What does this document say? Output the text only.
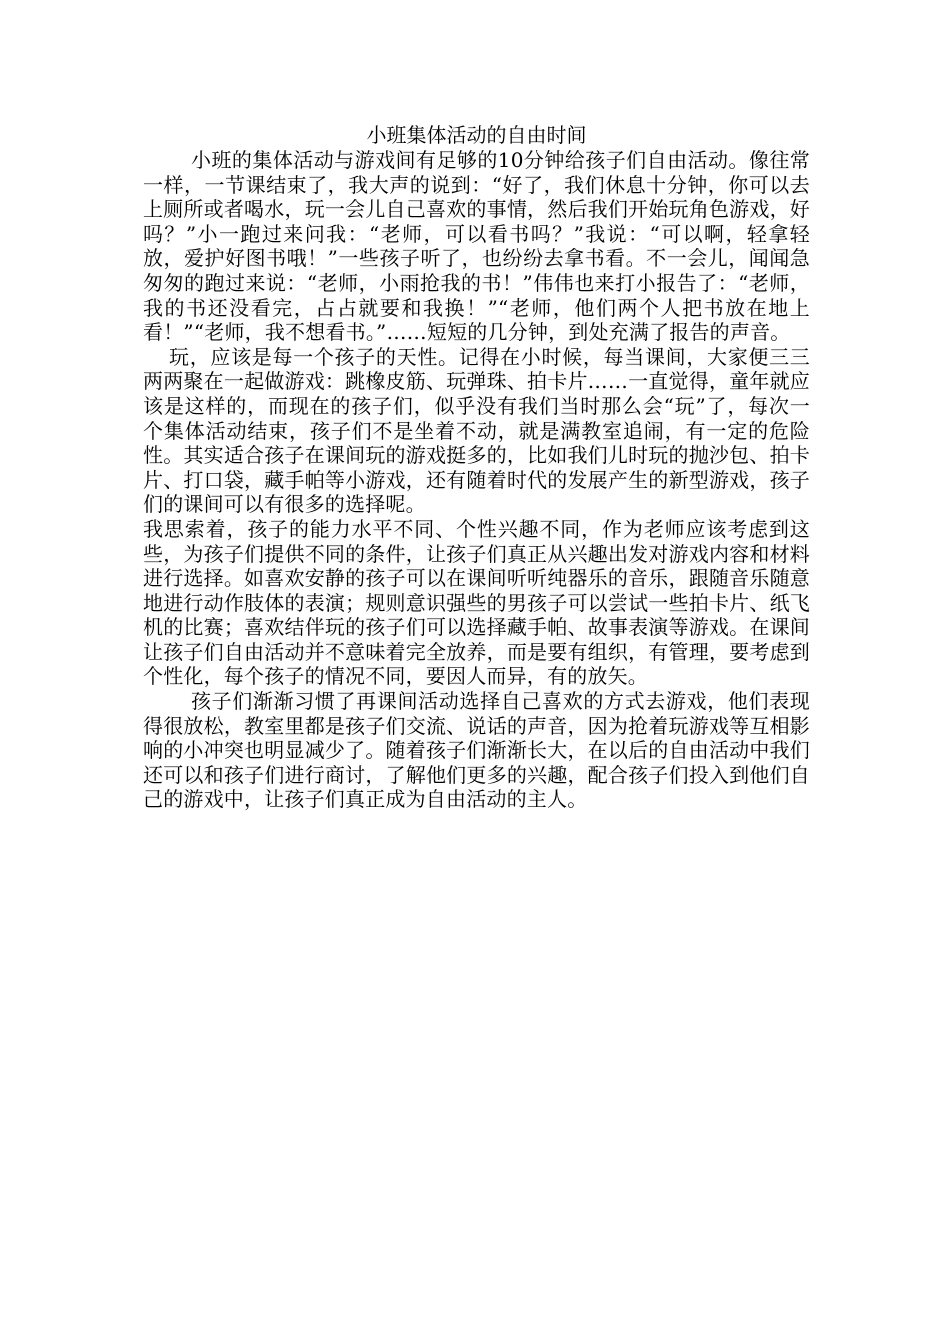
小班集体活动的自由时间

小班的集体活动与游戏间有足够的10分钟给孩子们自由活动。像往常一样，一节课结束了，我大声的说到：“好了，我们休息十分钟，你可以去上厕所或者喝水，玩一会儿自己喜欢的事情，然后我们开始玩角色游戏，好吗？”小一跑过来问我：“老师，可以看书吗？”我说：“可以啊，轻拿轻放，爱护好图书哦！”一些孩子听了，也纷纷去拿书看。不一会儿，闻闻急匆匆的跑过来说：“老师，小雨抢我的书！”伟伟也来打小报告了：“老师，我的书还没看完，占占就要和我换！”“老师，他们两个人把书放在地上看！”“老师，我不想看书。”……短短的几分钟，到处充满了报告的声音。

玩，应该是每一个孩子的天性。记得在小时候，每当课间，大家便三三两两聚在一起做游戏：跳橡皮筋、玩弹珠、拍卡片……一直觉得，童年就应该是这样的，而现在的孩子们，似乎没有我们当时那么会“玩”了，每次一个集体活动结束，孩子们不是坐着不动，就是满教室追闹，有一定的危险性。其实适合孩子在课间玩的游戏挺多的，比如我们儿时玩的抛沙包、拍卡片、打口袋，藏手帕等小游戏，还有随着时代的发展产生的新型游戏，孩子们的课间可以有很多的选择呢。

我思索着，孩子的能力水平不同、个性兴趣不同，作为老师应该考虑到这些，为孩子们提供不同的条件，让孩子们真正从兴趣出发对游戏内容和材料进行选择。如喜欢安静的孩子可以在课间听听纯器乐的音乐，跟随音乐随意地进行动作肢体的表演；规则意识强些的男孩子可以尝试一些拍卡片、纸飞机的比赛；喜欢结伴玩的孩子们可以选择藏手帕、故事表演等游戏。在课间让孩子们自由活动并不意味着完全放养，而是要有组织，有管理，要考虑到个性化，每个孩子的情况不同，要因人而异，有的放矢。

孩子们渐渐习惯了再课间活动选择自己喜欢的方式去游戏，他们表现得很放松，教室里都是孩子们交流、说话的声音，因为抢着玩游戏等互相影响的小冲突也明显减少了。随着孩子们渐渐长大，在以后的自由活动中我们还可以和孩子们进行商讨，了解他们更多的兴趣，配合孩子们投入到他们自己的游戏中，让孩子们真正成为自由活动的主人。
